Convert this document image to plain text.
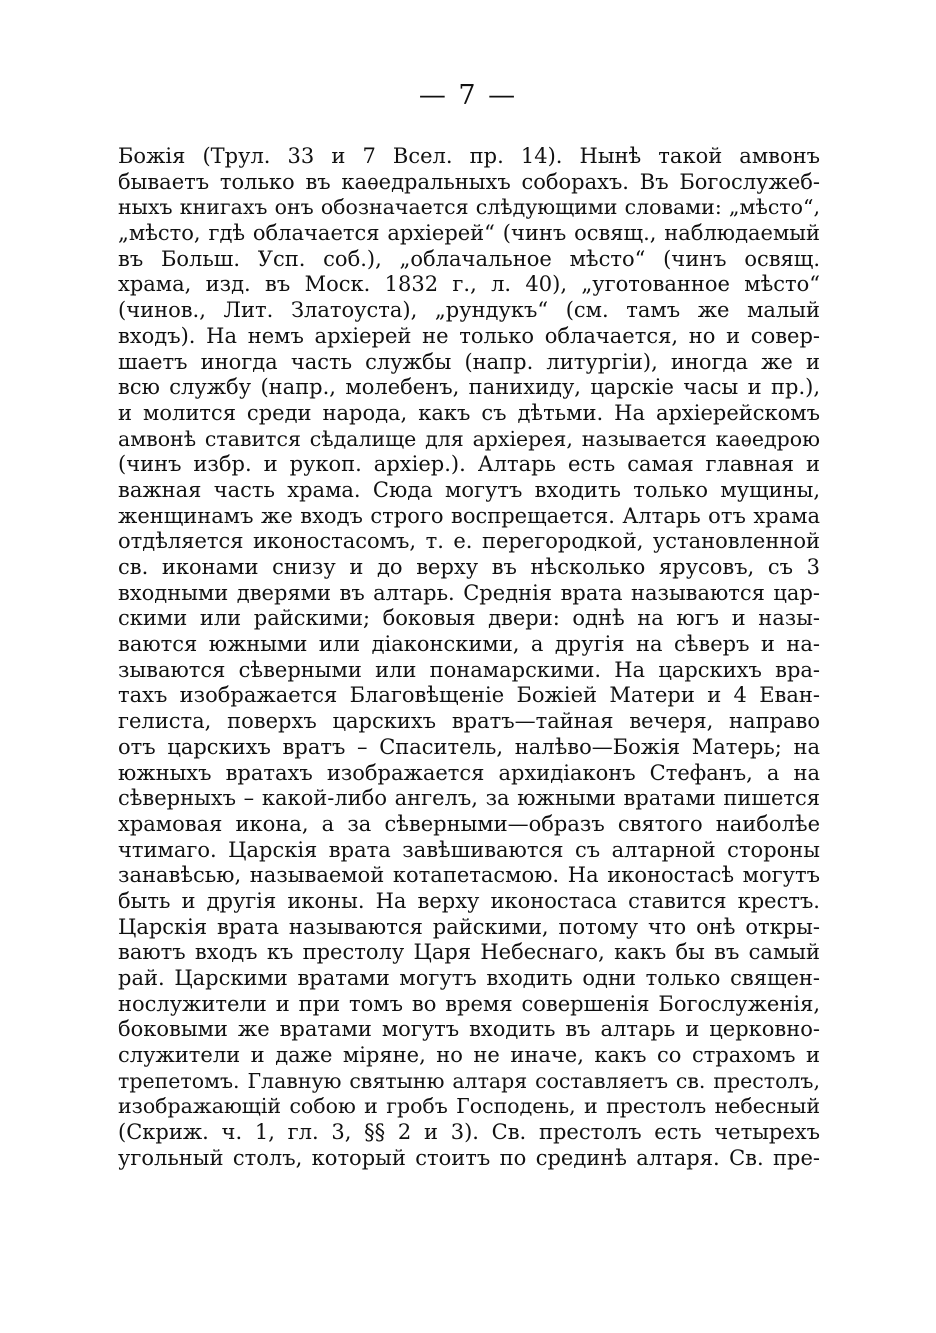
— 7 —
Божія (Трул. 33 и 7 Всел. пр. 14). Нынѣ такой амвонъ
бываетъ только въ каѳедральныхъ соборахъ. Въ Богослужеб-
ныхъ книгахъ онъ обозначается слѣдующими словами: „мѣсто“,
„мѣсто, гдѣ облачается архіерей“ (чинъ освящ., наблюдаемый
въ Больш. Усп. соб.), „облачальное мѣсто“ (чинъ освящ.
храма, изд. въ Моск. 1832 г., л. 40), „уготованное мѣсто“
(чинов., Лит. Златоуста), „рундукъ“ (см. тамъ же малый
входъ). На немъ архіерей не только облачается, но и совер-
шаетъ иногда часть службы (напр. литургіи), иногда же и
всю службу (напр., молебенъ, панихиду, царскіе часы и пр.),
и молится среди народа, какъ съ дѣтьми. На архіерейскомъ
амвонѣ ставится сѣдалище для архіерея, называется каѳедрою
(чинъ избр. и рукоп. архіер.). Алтарь есть самая главная и
важная часть храма. Сюда могутъ входить только мущины,
женщинамъ же входъ строго воспрещается. Алтарь отъ храма
отдѣляется иконостасомъ, т. е. перегородкой, установленной
св. иконами снизу и до верху въ нѣсколько ярусовъ, съ 3
входными дверями въ алтарь. Среднія врата называются цар-
скими или райскими; боковыя двери: однѣ на югъ и назы-
ваются южными или діаконскими, а другія на сѣверъ и на-
зываются сѣверными или понамарскими. На царскихъ вра-
тахъ изображается Благовѣщеніе Божіей Матери и 4 Еван-
гелиста, поверхъ царскихъ вратъ—тайная вечеря, направо
отъ царскихъ вратъ – Спаситель, налѣво—Божія Матерь; на
южныхъ вратахъ изображается архидіаконъ Стефанъ, а на
сѣверныхъ – какой-либо ангелъ, за южными вратами пишется
храмовая икона, а за сѣверными—образъ святого наиболѣе
чтимаго. Царскія врата завѣшиваются съ алтарной стороны
занавѣсью, называемой котапетасмою. На иконостасѣ могутъ
быть и другія иконы. На верху иконостаса ставится крестъ.
Царскія врата называются райскими, потому что онѣ откры-
ваютъ входъ къ престолу Царя Небеснаго, какъ бы въ самый
рай. Царскими вратами могутъ входить одни только священ-
нослужители и при томъ во время совершенія Богослуженія,
боковыми же вратами могутъ входить въ алтарь и церковно-
служители и даже міряне, но не иначе, какъ со страхомъ и
трепетомъ. Главную святыню алтаря составляетъ св. престолъ,
изображающій собою и гробъ Господень, и престолъ небесный
(Скриж. ч. 1, гл. 3, §§ 2 и 3). Св. престолъ есть четырехъ
угольный столъ, который стоитъ по срединѣ алтаря. Св. пре-
